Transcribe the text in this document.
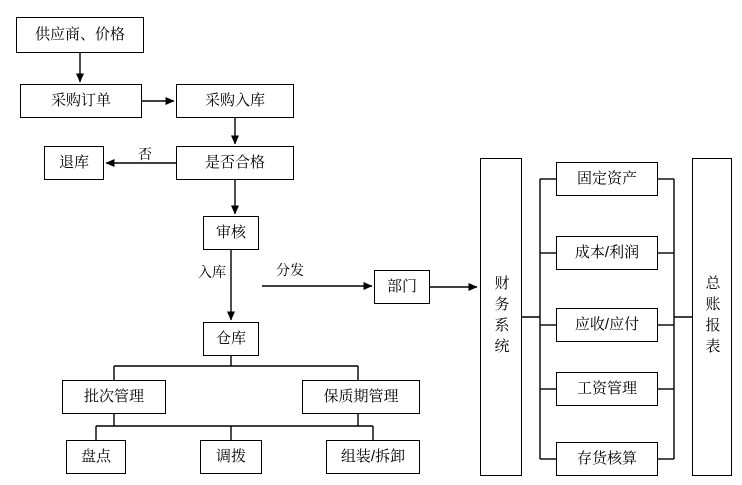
供应商、价格
采购订单	采购入库
是否合格
退库
审核
仓库
部门
批次管理	保质期管理
盘点	调拨	组装/拆卸
财务系统
固定资产
成本/利润
应收/应付
工资管理
存货核算
总账报表
否
入库	分发
